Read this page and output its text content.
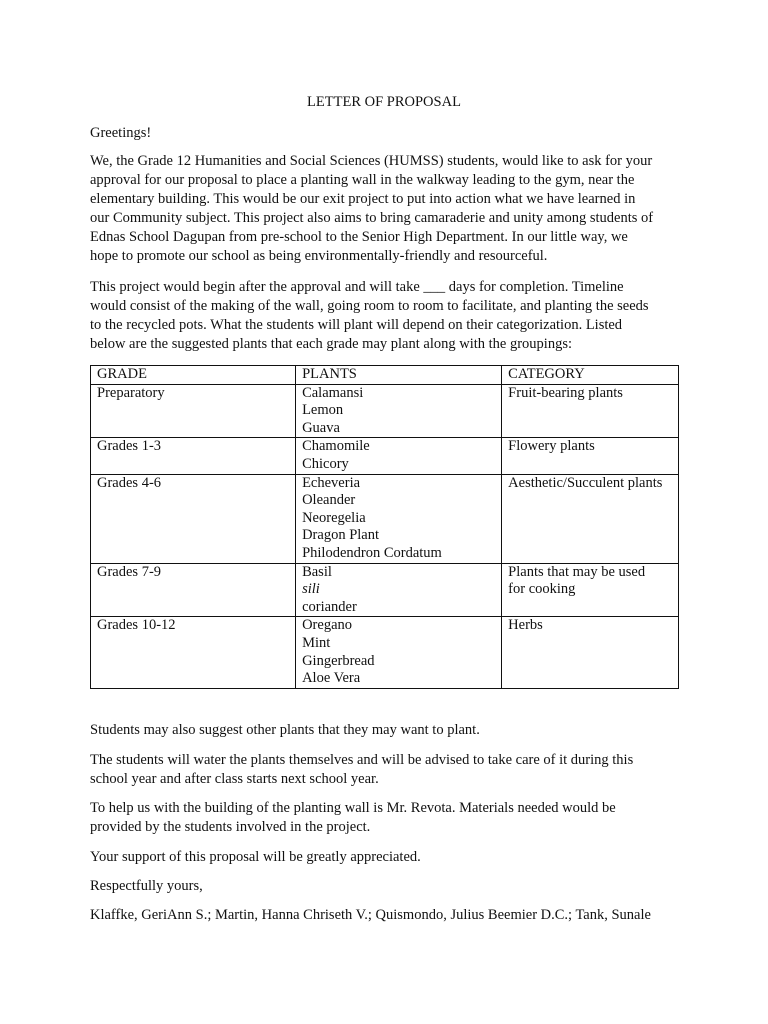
LETTER OF PROPOSAL

Greetings!

We, the Grade 12 Humanities and Social Sciences (HUMSS) students, would like to ask for your
approval for our proposal to place a planting wall in the walkway leading to the gym, near the
elementary building. This would be our exit project to put into action what we have learned in
our Community subject. This project also aims to bring camaraderie and unity among students of
Ednas School Dagupan from pre-school to the Senior High Department. In our little way, we
hope to promote our school as being environmentally-friendly and resourceful.

This project would begin after the approval and will take ___ days for completion. Timeline
would consist of the making of the wall, going room to room to facilitate, and planting the seeds
to the recycled pots. What the students will plant will depend on their categorization. Listed
below are the suggested plants that each grade may plant along with the groupings:

GRADE	PLANTS	CATEGORY
Preparatory	Calamansi
Lemon
Guava	Fruit-bearing plants

Grades 1-3	Chamomile
Chicory	Flowery plants

Grades 4-6	Echeveria
Oleander
Neoregelia
Dragon Plant
Philodendron Cordatum	Aesthetic/Succulent plants

Grades 7-9	Basil
sili
coriander	Plants that may be used
for cooking

Grades 10-12	Oregano
Mint
Gingerbread
Aloe Vera	Herbs

Students may also suggest other plants that they may want to plant.

The students will water the plants themselves and will be advised to take care of it during this
school year and after class starts next school year.

To help us with the building of the planting wall is Mr. Revota. Materials needed would be
provided by the students involved in the project.

Your support of this proposal will be greatly appreciated.

Respectfully yours,

Klaffke, GeriAnn S.; Martin, Hanna Chriseth V.; Quismondo, Julius Beemier D.C.; Tank, Sunale
